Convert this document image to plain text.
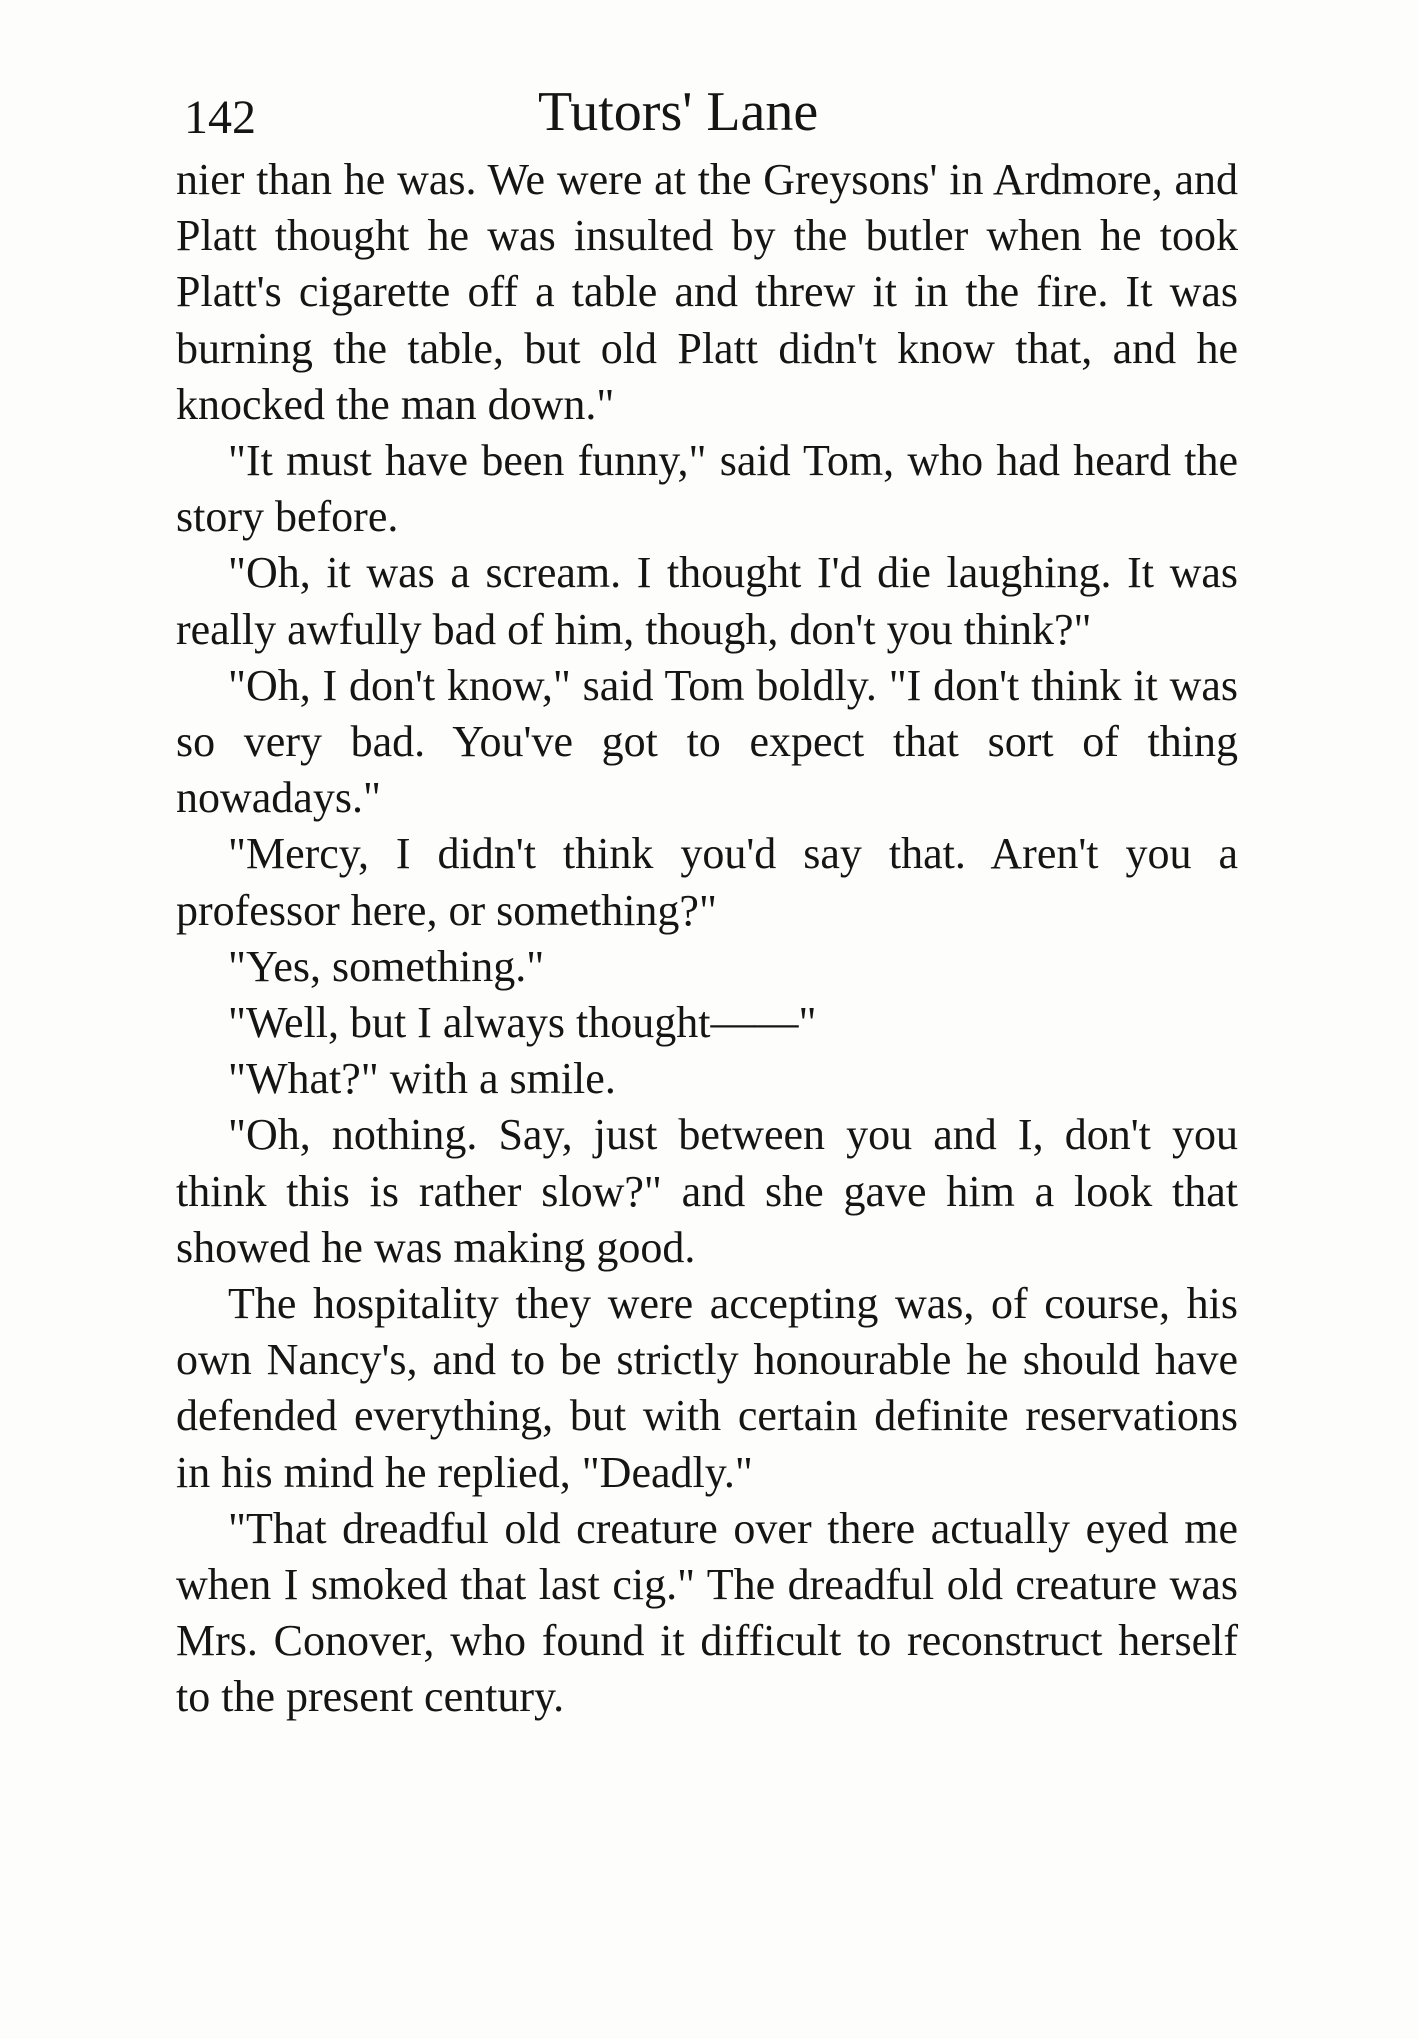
142	Tutors' Lane

nier than he was. We were at the Greysons' in Ardmore, and Platt thought he was insulted by the butler when he took Platt's cigarette off a table and threw it in the fire. It was burning the table, but old Platt didn't know that, and he knocked the man down."

"It must have been funny," said Tom, who had heard the story before.

"Oh, it was a scream. I thought I'd die laughing. It was really awfully bad of him, though, don't you think?"

"Oh, I don't know," said Tom boldly. "I don't think it was so very bad. You've got to expect that sort of thing nowadays."

"Mercy, I didn't think you'd say that. Aren't you a professor here, or something?"

"Yes, something."

"Well, but I always thought——"

"What?" with a smile.

"Oh, nothing. Say, just between you and I, don't you think this is rather slow?" and she gave him a look that showed he was making good.

The hospitality they were accepting was, of course, his own Nancy's, and to be strictly honourable he should have defended everything, but with certain definite reservations in his mind he replied, "Deadly."

"That dreadful old creature over there actually eyed me when I smoked that last cig." The dreadful old creature was Mrs. Conover, who found it difficult to reconstruct herself to the present century.
